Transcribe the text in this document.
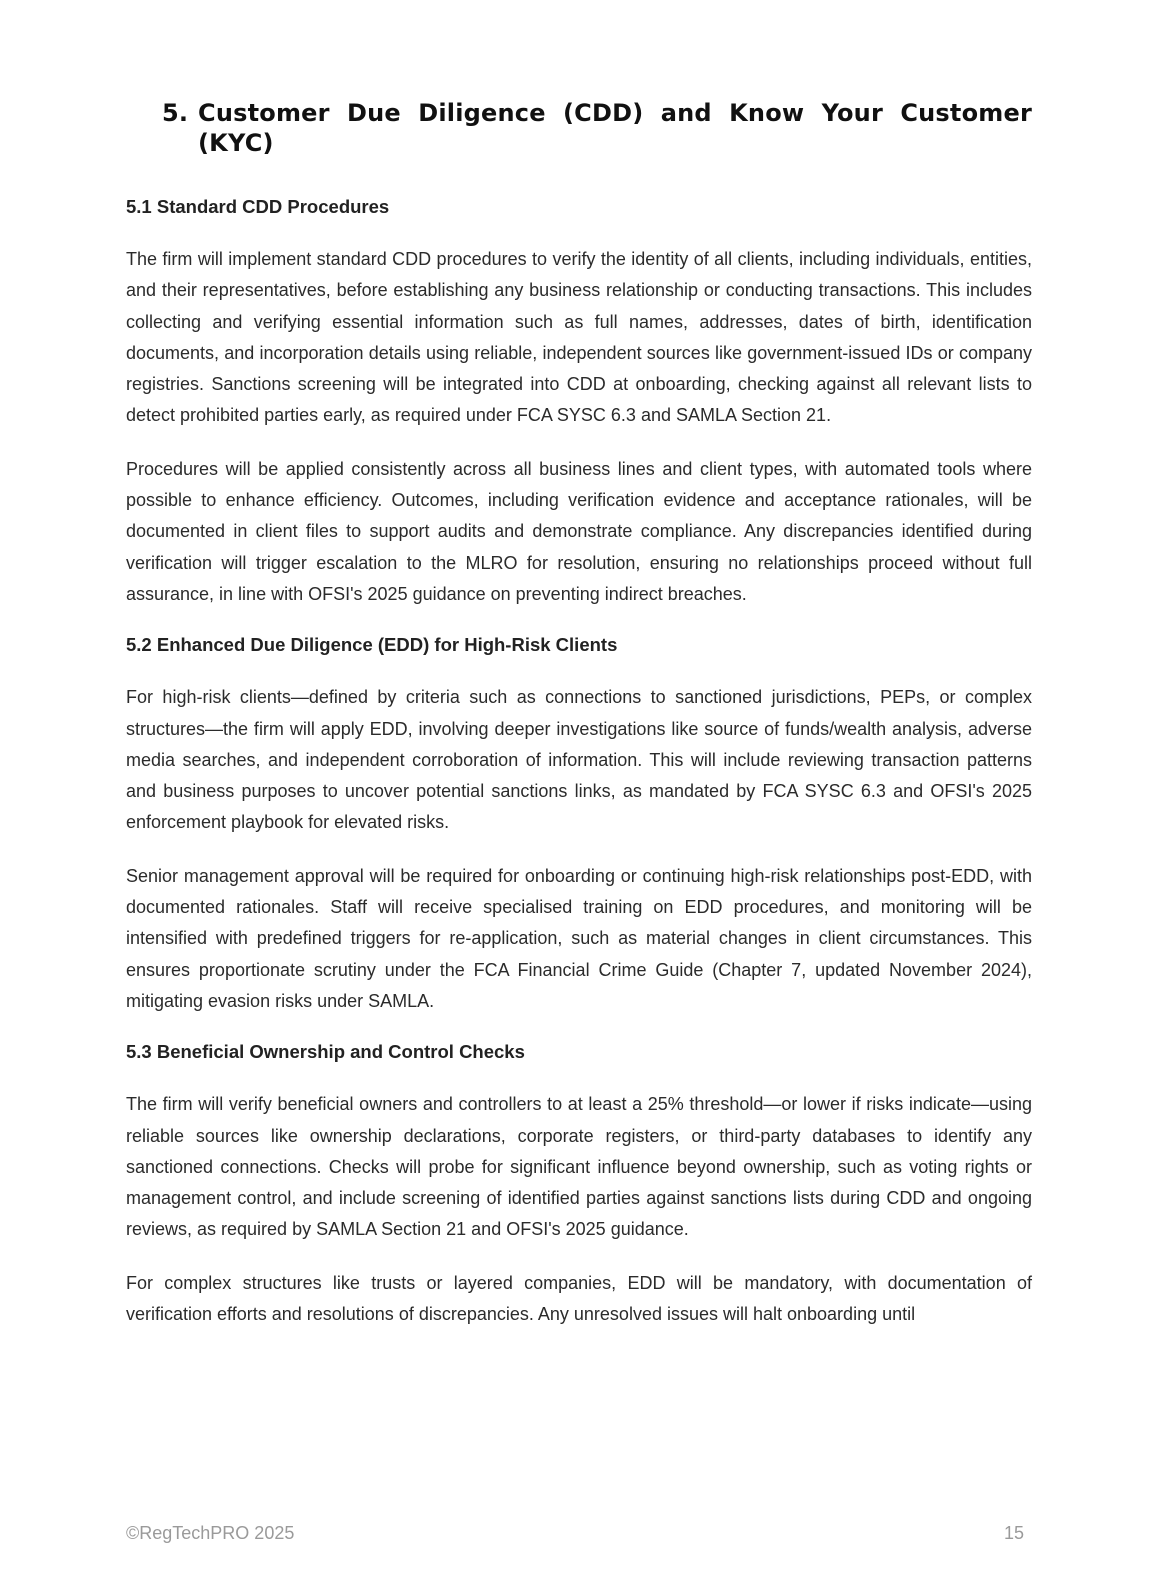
5. Customer Due Diligence (CDD) and Know Your Customer (KYC)
5.1 Standard CDD Procedures

The firm will implement standard CDD procedures to verify the identity of all clients, including individuals, entities, and their representatives, before establishing any business relationship or conducting transactions. This includes collecting and verifying essential information such as full names, addresses, dates of birth, identification documents, and incorporation details using reliable, independent sources like government-issued IDs or company registries. Sanctions screening will be integrated into CDD at onboarding, checking against all relevant lists to detect prohibited parties early, as required under FCA SYSC 6.3 and SAMLA Section 21.

Procedures will be applied consistently across all business lines and client types, with automated tools where possible to enhance efficiency. Outcomes, including verification evidence and acceptance rationales, will be documented in client files to support audits and demonstrate compliance. Any discrepancies identified during verification will trigger escalation to the MLRO for resolution, ensuring no relationships proceed without full assurance, in line with OFSI's 2025 guidance on preventing indirect breaches.

5.2 Enhanced Due Diligence (EDD) for High-Risk Clients

For high-risk clients—defined by criteria such as connections to sanctioned jurisdictions, PEPs, or complex structures—the firm will apply EDD, involving deeper investigations like source of funds/wealth analysis, adverse media searches, and independent corroboration of information. This will include reviewing transaction patterns and business purposes to uncover potential sanctions links, as mandated by FCA SYSC 6.3 and OFSI's 2025 enforcement playbook for elevated risks.

Senior management approval will be required for onboarding or continuing high-risk relationships post-EDD, with documented rationales. Staff will receive specialised training on EDD procedures, and monitoring will be intensified with predefined triggers for re-application, such as material changes in client circumstances. This ensures proportionate scrutiny under the FCA Financial Crime Guide (Chapter 7, updated November 2024), mitigating evasion risks under SAMLA.

5.3 Beneficial Ownership and Control Checks

The firm will verify beneficial owners and controllers to at least a 25% threshold—or lower if risks indicate—using reliable sources like ownership declarations, corporate registers, or third-party databases to identify any sanctioned connections. Checks will probe for significant influence beyond ownership, such as voting rights or management control, and include screening of identified parties against sanctions lists during CDD and ongoing reviews, as required by SAMLA Section 21 and OFSI's 2025 guidance.

For complex structures like trusts or layered companies, EDD will be mandatory, with documentation of verification efforts and resolutions of discrepancies. Any unresolved issues will halt onboarding until

©RegTechPRO 2025	15
